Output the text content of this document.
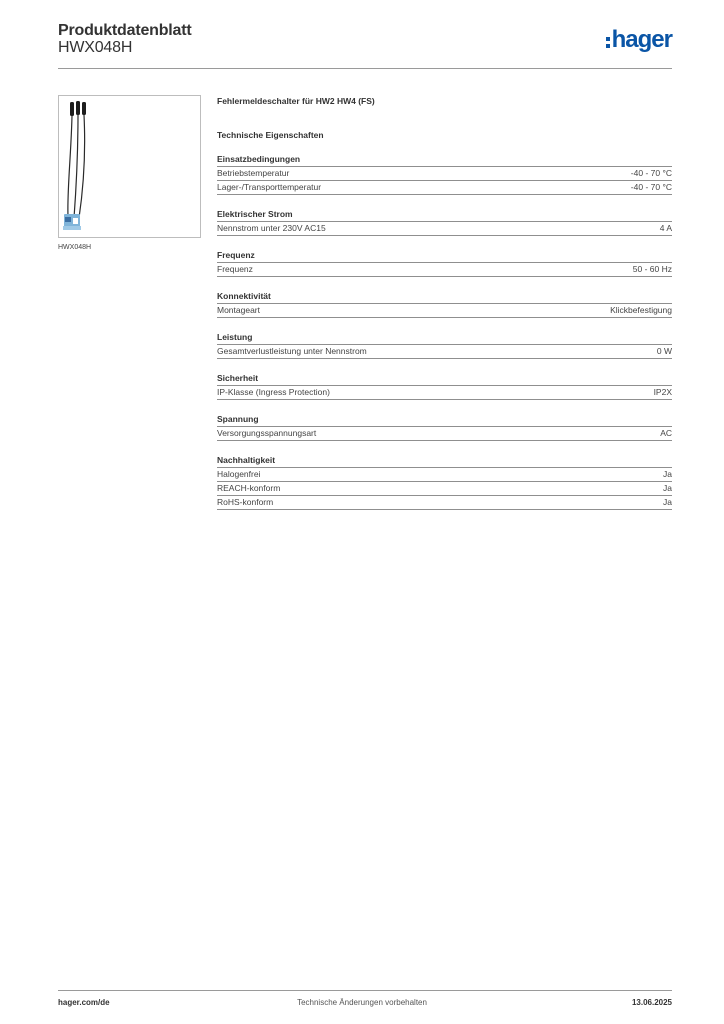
Produktdatenblatt
HWX048H	hager
HWX048H
Fehlermeldeschalter für HW2 HW4 (FS)
Technische Eigenschaften
Einsatzbedingungen
Betriebstemperatur	-40 - 70 °C
Lager-/Transporttemperatur	-40 - 70 °C
Elektrischer Strom
Nennstrom unter 230V AC15	4 A
Frequenz
Frequenz	50 - 60 Hz
Konnektivität
Montageart	Klickbefestigung
Leistung
Gesamtverlustleistung unter Nennstrom	0 W
Sicherheit
IP-Klasse (Ingress Protection)	IP2X
Spannung
Versorgungsspannungsart	AC
Nachhaltigkeit
Halogenfrei	Ja
REACH-konform	Ja
RoHS-konform	Ja
hager.com/de	Technische Änderungen vorbehalten	13.06.2025
